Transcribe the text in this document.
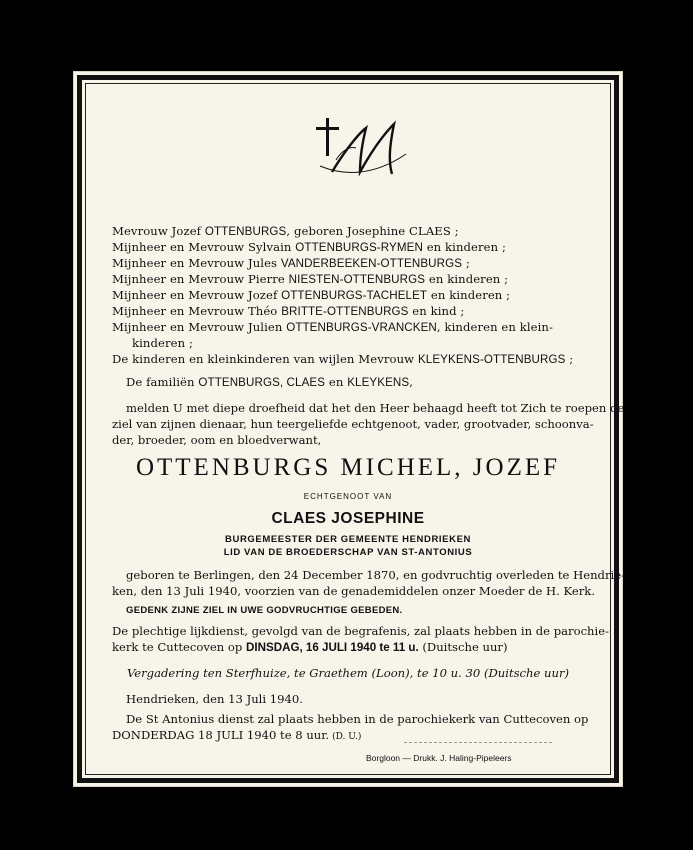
Mevrouw Jozef OTTENBURGS, geboren Josephine CLAES ;
Mijnheer en Mevrouw Sylvain OTTENBURGS-RYMEN en kinderen ;
Mijnheer en Mevrouw Jules VANDERBEEKEN-OTTENBURGS ;
Mijnheer en Mevrouw Pierre NIESTEN-OTTENBURGS en kinderen ;
Mijnheer en Mevrouw Jozef OTTENBURGS-TACHELET en kinderen ;
Mijnheer en Mevrouw Théo BRITTE-OTTENBURGS en kind ;
Mijnheer en Mevrouw Julien OTTENBURGS-VRANCKEN, kinderen en klein-
kinderen ;
De kinderen en kleinkinderen van wijlen Mevrouw KLEYKENS-OTTENBURGS ;
De familiën OTTENBURGS, CLAES en KLEYKENS,
melden U met diepe droefheid dat het den Heer behaagd heeft tot Zich te roepen de
ziel van zijnen dienaar, hun teergeliefde echtgenoot, vader, grootvader, schoonva-
der, broeder, oom en bloedverwant,
OTTENBURGS MICHEL, JOZEF
ECHTGENOOT VAN
CLAES JOSEPHINE
BURGEMEESTER DER GEMEENTE HENDRIEKEN
LID VAN DE BROEDERSCHAP VAN ST-ANTONIUS
geboren te Berlingen, den 24 December 1870, en godvruchtig overleden te Hendrie-
ken, den 13 Juli 1940, voorzien van de genademiddelen onzer Moeder de H. Kerk.
GEDENK ZIJNE ZIEL IN UWE GODVRUCHTIGE GEBEDEN.
De plechtige lijkdienst, gevolgd van de begrafenis, zal plaats hebben in de parochie-
kerk te Cuttecoven op DINSDAG, 16 JULI 1940 te 11 u. (Duitsche uur)
Vergadering ten Sterfhuize, te Graethem (Loon), te 10 u. 30 (Duitsche uur)
Hendrieken, den 13 Juli 1940.
De St Antonius dienst zal plaats hebben in de parochiekerk van Cuttecoven op
DONDERDAG 18 JULI 1940 te 8 uur. (D. U.)
Borgloon — Drukk. J. Haling-Pipeleers
